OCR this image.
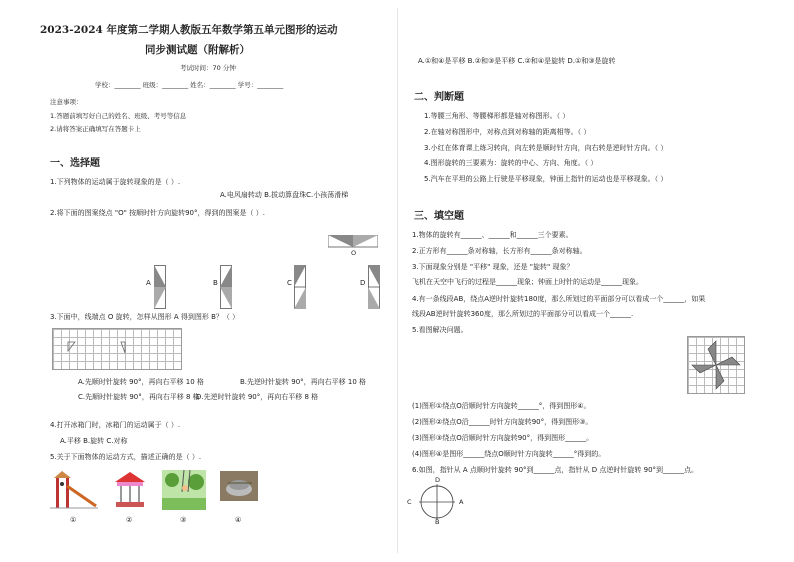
2023-2024 年度第二学期人教版五年数学第五单元图形的运动
同步测试题（附解析）
考试时间：70 分钟
学校：________ 班级：________ 姓名：________ 学号：________
注意事项：
1.答题前填写好自己的姓名、班级、考号等信息
2.请将答案正确填写在答题卡上
一、选择题
1.下列物体的运动属于旋转现象的是（ ）.
A.电风扇转动 B.拔动算盘珠C.小孩荡滑梯
2.将下面的图案绕点 "O" 按顺时针方向旋转90°，得到的图案是（ ）.
O
A	B	C	D
3.下面中，线端点 O 旋转，怎样从图形 A 得到图形 B？（ ）
A.先顺时针旋转 90°，再向右平移 10 格	B.先逆时针旋转 90°，再向右平移 10 格
C.先顺时针旋转 90°，再向右平移 8 格
D.先逆时针旋转 90°，再向右平移 8 格
4.打开冰箱门时，冰箱门的运动属于（ ）.
A.平移 B.旋转 C.对称
5.关于下面物体的运动方式，描述正确的是（ ）.
①	②	③	④
A.①和④是平移 B.②和③是平移 C.②和④是旋转 D.①和③是旋转
二、判断题
1.等腰三角形、等腰梯形都是轴对称图形。（ ）
2.在轴对称图形中，对称点到对称轴的距离相等。（ ）
3.小红在体育课上练习转向，向左转是顺时针方向，向右转是逆时针方向。（ ）
4.图形旋转的三要素为：旋转的中心、方向、角度。（ ）
5.汽车在平坦的公路上行驶是平移现象，钟面上指针的运动也是平移现象。（ ）
三、填空题
1.物体的旋转有______、______和______三个要素。
2.正方形有______条对称轴，长方形有______条对称轴。
3.下面现象分别是 "平移" 现象，还是 "旋转" 现象？
飞机在天空中飞行的过程是______现象；钟面上时针的运动是______现象。
4.有一条线段AB，绕点A逆时针旋转180度，那么所划过的平面部分可以看成一个______，如果
线段AB逆时针旋转360度，那么所划过的平面部分可以看成一个______.
5.看图解决问题。
(1)图形①绕点O沿顺时针方向旋转______°，得到图形④。
(2)图形②绕点O沿______时针方向旋转90°，得到图形③。
(3)图形③绕点O沿顺时针方向旋转90°，得到图形______。
(4)图形④是图形______绕点O顺时针方向旋转______°得到的。
6.如图，指针从 A 点顺时针旋转 90°到______点，指针从 D 点逆时针旋转 90°到______点。
D
A
B
C
